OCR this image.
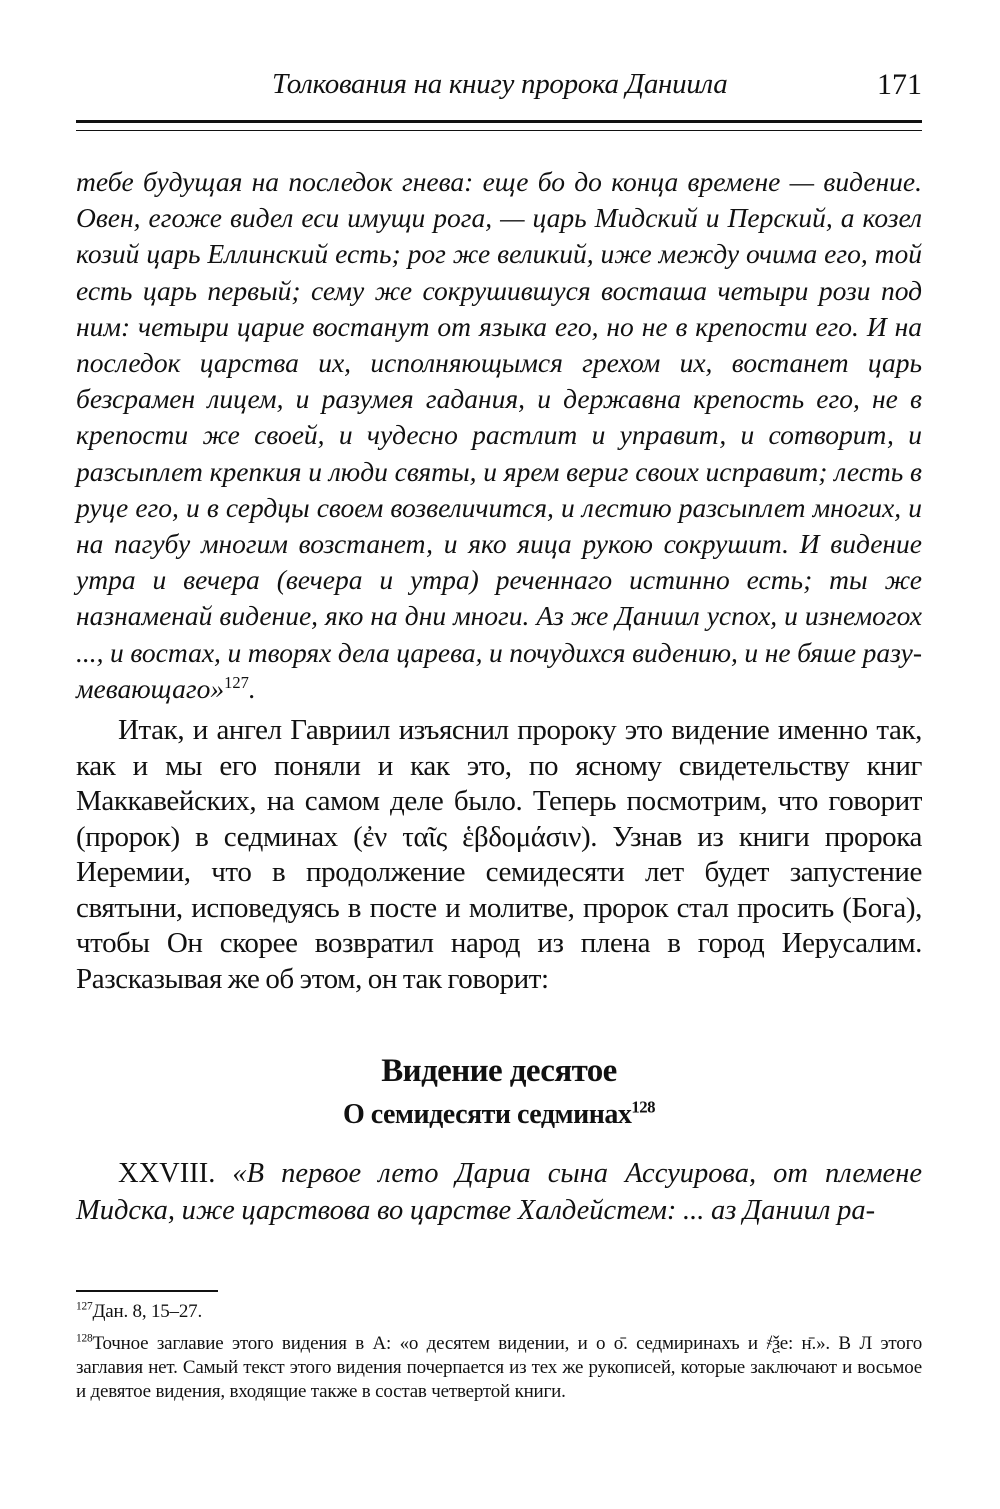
Толкования на книгу пророка Даниила	171

тебе будущая на последок гнева: еще бо до конца времене — видение. Овен, егоже видел еси имущи рога, — царь Мидский и Перский, а козел козий царь Еллинский есть; рог же великий, иже между очима его, той есть царь первый; сему же сокрушившуся восташа четыри рози под ним: четыри царие востанут от языка его, но не в крепости его. И на последок царства их, исполняющымся грехом их, востанет царь безсрамен лицем, и разумея гадания, и державна крепость его, не в крепости же своей, и чудесно растлит и управит, и сотворит, и разсыплет крепкия и люди святы, и ярем вериг своих исправит; лесть в руце его, и в сердцы своем возвеличится, и лестию разсыплет многих, и на пагубу многим возстанет, и яко яица рукою сокрушит. И видение утра и вечера (вечера и утра) реченнаго истинно есть; ты же назнаменай видение, яко на дни многи. Аз же Даниил успох, и изнемогох ..., и востах, и творях дела царева, и почудихся видению, и не бяше разумевающаго»$^{127}$.

Итак, и ангел Гавриил изъяснил пророку это видение именно так, как и мы его поняли и как это, по ясному свидетельству книг Маккавейских, на самом деле было. Теперь посмотрим, что говорит (пророк) в седминах (ἐν ταῖς ἑβδομάσιν). Узнав из книги пророка Иеремии, что в продолжение семидесяти лет будет запустение святыни, исповедуясь в посте и молитве, пророк стал просить (Бога), чтобы Он скорее возвратил народ из плена в город Иерусалим. Разсказывая же об этом, он так говорит:

Видение десятое
О семидесяти седминах$^{128}$

XXVIII. «В первое лето Дариа сына Ассуирова, от племене Мидска, иже царствова во царстве Халдейстем: ... аз Даниил ра-

$^{127}$Дан. 8, 15–27.

$^{128}$Точное заглавие этого видения в А: «о десятем видении, и о о̄. седмиринахъ и ҂ѯе: н̄.». В Л этого заглавия нет. Самый текст этого видения почерпается из тех же рукописей, которые заключают и восьмое и девятое видения, входящие также в состав четвертой книги.
